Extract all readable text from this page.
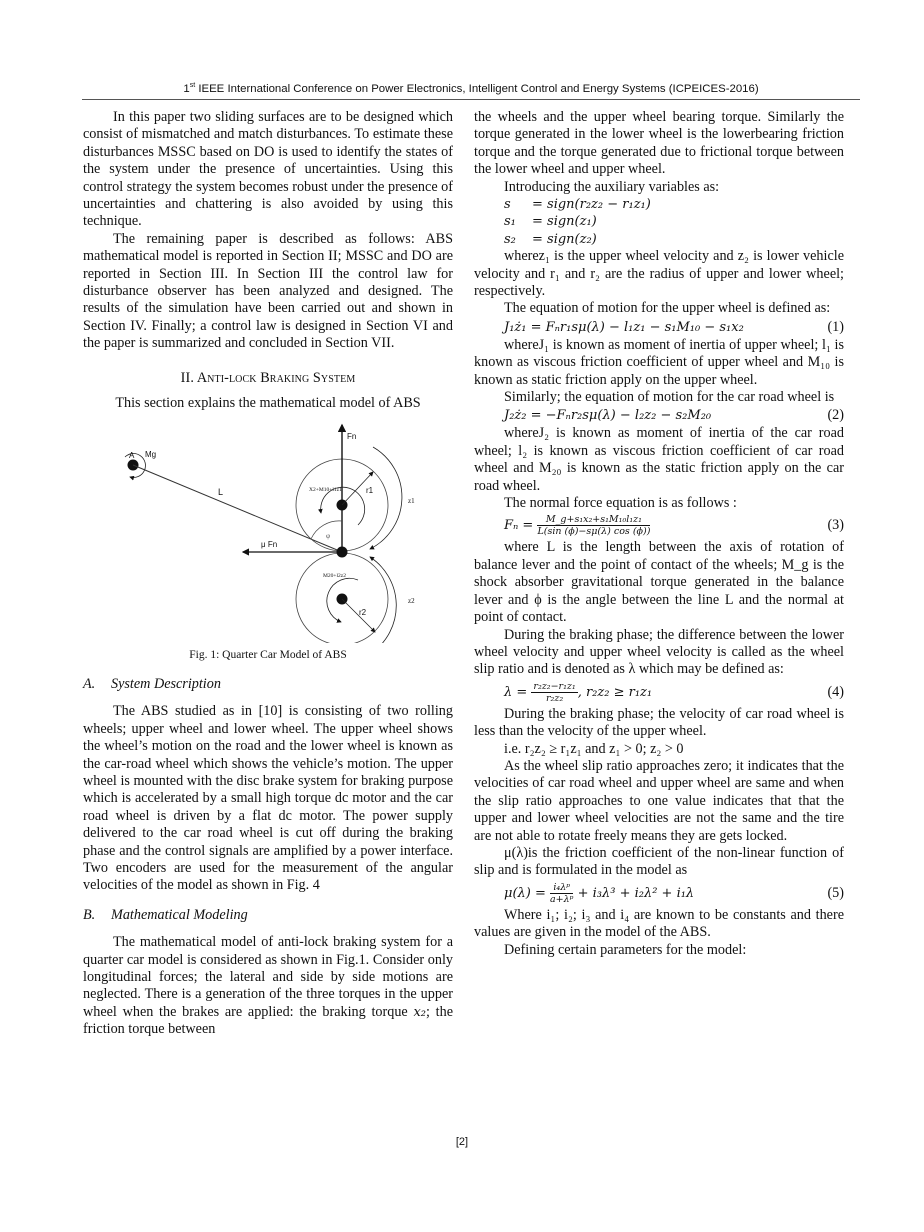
1st IEEE International Conference on Power Electronics, Intelligent Control and Energy Systems (ICPEICES-2016)

In this paper two sliding surfaces are to be designed which consist of mismatched and match disturbances. To estimate these disturbances MSSC based on DO is used to identify the states of the system under the presence of uncertainties. Using this control strategy the system becomes robust under the presence of uncertainties and chattering is also avoided by using this technique.

The remaining paper is described as follows: ABS mathematical model is reported in Section II; MSSC and DO are reported in Section III. In Section III the control law for disturbance observer has been analyzed and designed. The results of the simulation have been carried out and shown in Section IV. Finally; a control law is designed in Section VI and the paper is summarized and concluded in Section VII.

II. Anti-lock Braking System

This section explains the mathematical model of ABS

A Mg
L
Fn
μ Fn
r1
r2
X2+M10+l1z1
M20+l2z2
z1
z2
φ
Fig. 1: Quarter Car Model of ABS
A. System Description

The ABS studied as in [10] is consisting of two rolling wheels; upper wheel and lower wheel. The upper wheel shows the wheel’s motion on the road and the lower wheel is known as the car-road wheel which shows the vehicle’s motion. The upper wheel is mounted with the disc brake system for braking purpose which is accelerated by a small high torque dc motor and the car road wheel is driven by a flat dc motor. The power supply delivered to the car road wheel is cut off during the braking phase and the control signals are amplified by a power interface. Two encoders are used for the measurement of the angular velocities of the model as shown in Fig. 4

B. Mathematical Modeling

The mathematical model of anti-lock braking system for a quarter car model is considered as shown in Fig.1. Consider only longitudinal forces; the lateral and side by side motions are neglected. There is a generation of the three torques in the upper wheel when the brakes are applied: the braking torque x₂; the friction torque between

the wheels and the upper wheel bearing torque. Similarly the torque generated in the lower wheel is the lowerbearing friction torque and the torque generated due to frictional torque between the lower wheel and upper wheel.

Introducing the auxiliary variables as:

s = sign(r₂z₂ − r₁z₁)
s₁ = sign(z₁)
s₂ = sign(z₂)

wherez₁ is the upper wheel velocity and z₂ is lower vehicle velocity and r₁ and r₂ are the radius of upper and lower wheel; respectively.

The equation of motion for the upper wheel is defined as:

J₁ż₁ = Fₙr₁sμ(λ) − l₁z₁ − s₁M₁₀ − s₁x₂	(1)

whereJ₁ is known as moment of inertia of upper wheel; l₁ is known as viscous friction coefficient of upper wheel and M₁₀ is known as static friction apply on the upper wheel.

Similarly; the equation of motion for the car road wheel is

J₂ż₂ = −Fₙr₂sμ(λ) − l₂z₂ − s₂M₂₀	(2)

whereJ₂ is known as moment of inertia of the car road wheel; l₂ is known as viscous friction coefficient of car road wheel and M₂₀ is known as the static friction apply on the car road wheel.

The normal force equation is as follows :

$F_n = \frac{\text{M\_g+s₁x₂+s₁M₁₀l₁z₁}}{L(\sin (\phi)-s\mu(\lambda) \cos (\phi))}$	(3)

where L is the length between the axis of rotation of balance lever and the point of contact of the wheels; M_g is the shock absorber gravitational torque generated in the balance lever and ϕ is the angle between the line L and the normal at point of contact.

During the braking phase; the difference between the lower wheel velocity and upper wheel velocity is called as the wheel slip ratio and is denoted as λ which may be defined as:

$\lambda = \frac{\text{r₂z₂−r₁z₁}}{\text{r₂z₂}}$ , r₂z₂ ≥ r₁z₁	(4)

During the braking phase; the velocity of car road wheel is less than the velocity of the upper wheel.

i.e. r₂z₂ ≥ r₁z₁ and z₁ > 0; z₂ > 0

As the wheel slip ratio approaches zero; it indicates that the velocities of car road wheel and upper wheel are same and when the slip ratio approaches to one value indicates that that the upper and lower wheel velocities are not the same and the tire are not able to rotate freely means they are gets locked.

μ(λ)is the friction coefficient of the non-linear function of slip and is formulated in the model as

$\mu(\lambda) = \frac{\text{i₄λᵖ}}{\text{a+λᵖ}} + i_3\lambda^3 + i_2\lambda^2 + i_1\lambda$	(5)

Where i₁; i₂; i₃ and i₄ are known to be constants and there values are given in the model of the ABS.

Defining certain parameters for the model:

[2]
